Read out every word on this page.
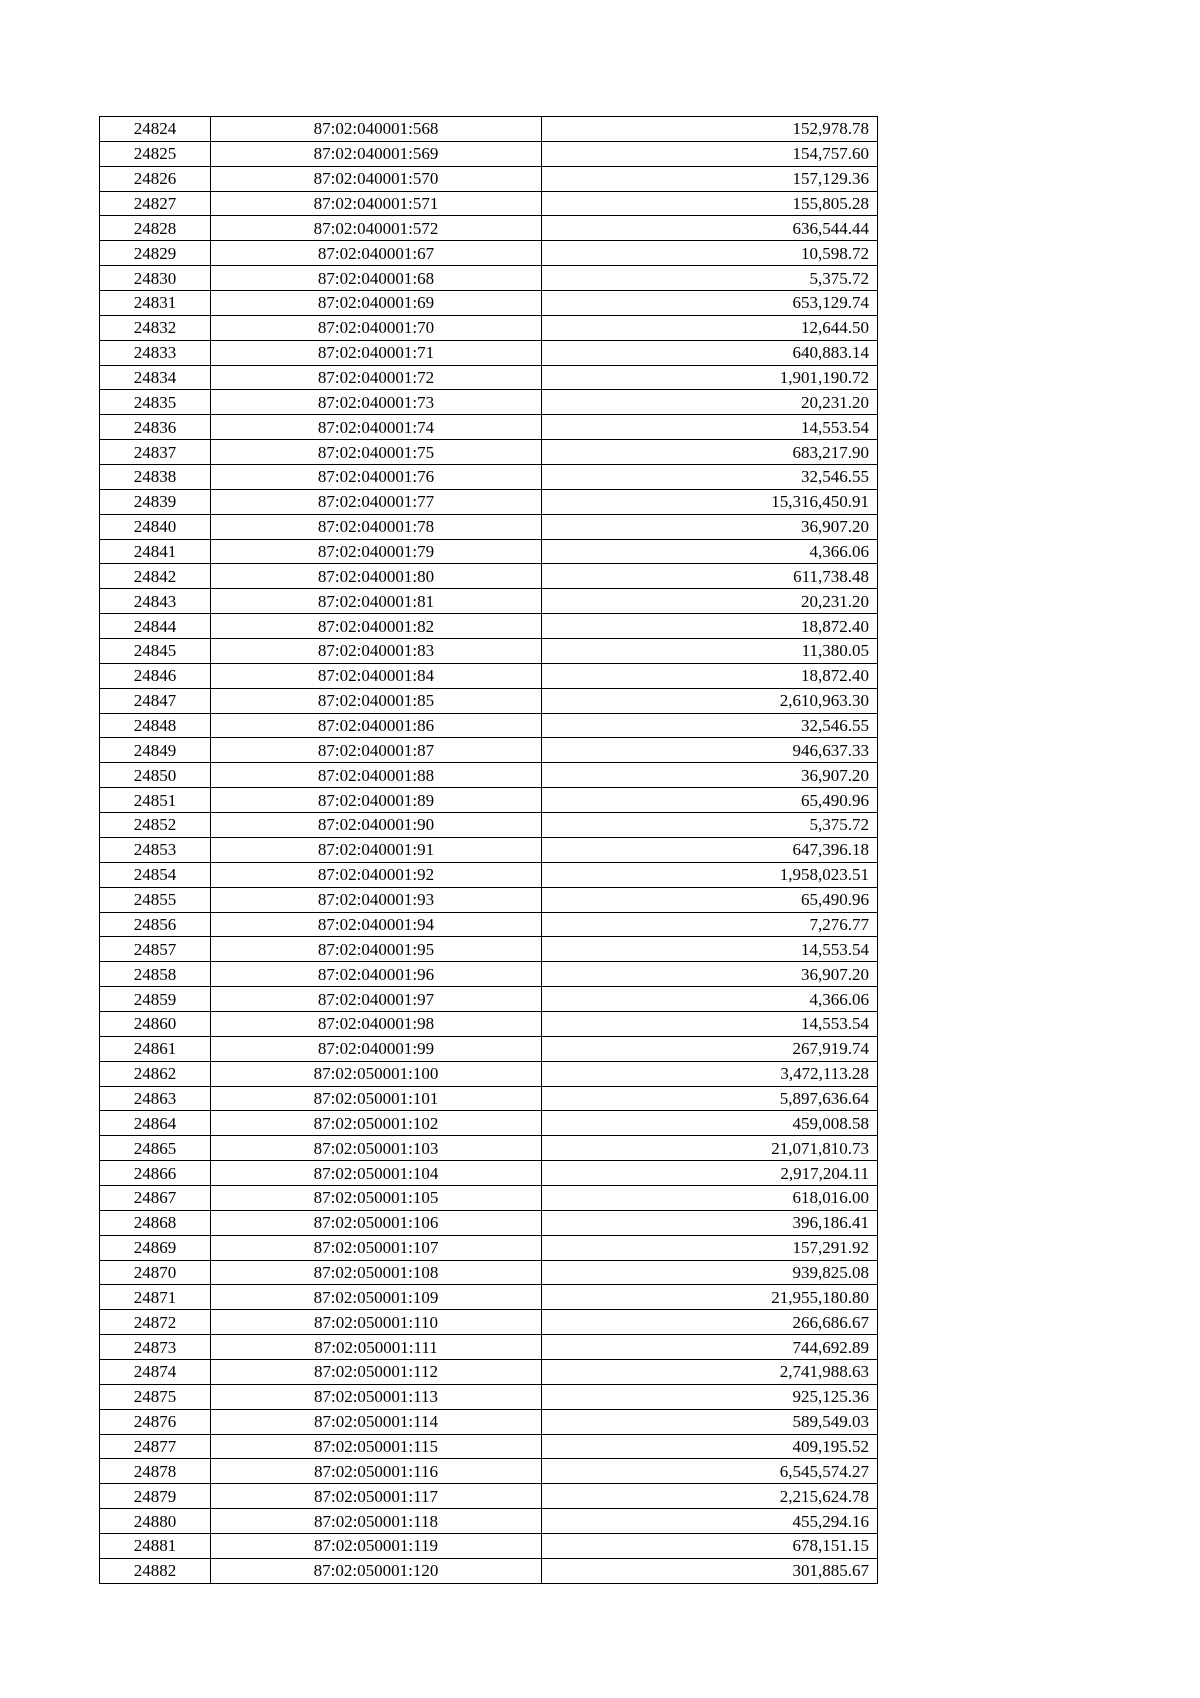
24824	87:02:040001:568	152,978.78
24825	87:02:040001:569	154,757.60
24826	87:02:040001:570	157,129.36
24827	87:02:040001:571	155,805.28
24828	87:02:040001:572	636,544.44
24829	87:02:040001:67	10,598.72
24830	87:02:040001:68	5,375.72
24831	87:02:040001:69	653,129.74
24832	87:02:040001:70	12,644.50
24833	87:02:040001:71	640,883.14
24834	87:02:040001:72	1,901,190.72
24835	87:02:040001:73	20,231.20
24836	87:02:040001:74	14,553.54
24837	87:02:040001:75	683,217.90
24838	87:02:040001:76	32,546.55
24839	87:02:040001:77	15,316,450.91
24840	87:02:040001:78	36,907.20
24841	87:02:040001:79	4,366.06
24842	87:02:040001:80	611,738.48
24843	87:02:040001:81	20,231.20
24844	87:02:040001:82	18,872.40
24845	87:02:040001:83	11,380.05
24846	87:02:040001:84	18,872.40
24847	87:02:040001:85	2,610,963.30
24848	87:02:040001:86	32,546.55
24849	87:02:040001:87	946,637.33
24850	87:02:040001:88	36,907.20
24851	87:02:040001:89	65,490.96
24852	87:02:040001:90	5,375.72
24853	87:02:040001:91	647,396.18
24854	87:02:040001:92	1,958,023.51
24855	87:02:040001:93	65,490.96
24856	87:02:040001:94	7,276.77
24857	87:02:040001:95	14,553.54
24858	87:02:040001:96	36,907.20
24859	87:02:040001:97	4,366.06
24860	87:02:040001:98	14,553.54
24861	87:02:040001:99	267,919.74
24862	87:02:050001:100	3,472,113.28
24863	87:02:050001:101	5,897,636.64
24864	87:02:050001:102	459,008.58
24865	87:02:050001:103	21,071,810.73
24866	87:02:050001:104	2,917,204.11
24867	87:02:050001:105	618,016.00
24868	87:02:050001:106	396,186.41
24869	87:02:050001:107	157,291.92
24870	87:02:050001:108	939,825.08
24871	87:02:050001:109	21,955,180.80
24872	87:02:050001:110	266,686.67
24873	87:02:050001:111	744,692.89
24874	87:02:050001:112	2,741,988.63
24875	87:02:050001:113	925,125.36
24876	87:02:050001:114	589,549.03
24877	87:02:050001:115	409,195.52
24878	87:02:050001:116	6,545,574.27
24879	87:02:050001:117	2,215,624.78
24880	87:02:050001:118	455,294.16
24881	87:02:050001:119	678,151.15
24882	87:02:050001:120	301,885.67
